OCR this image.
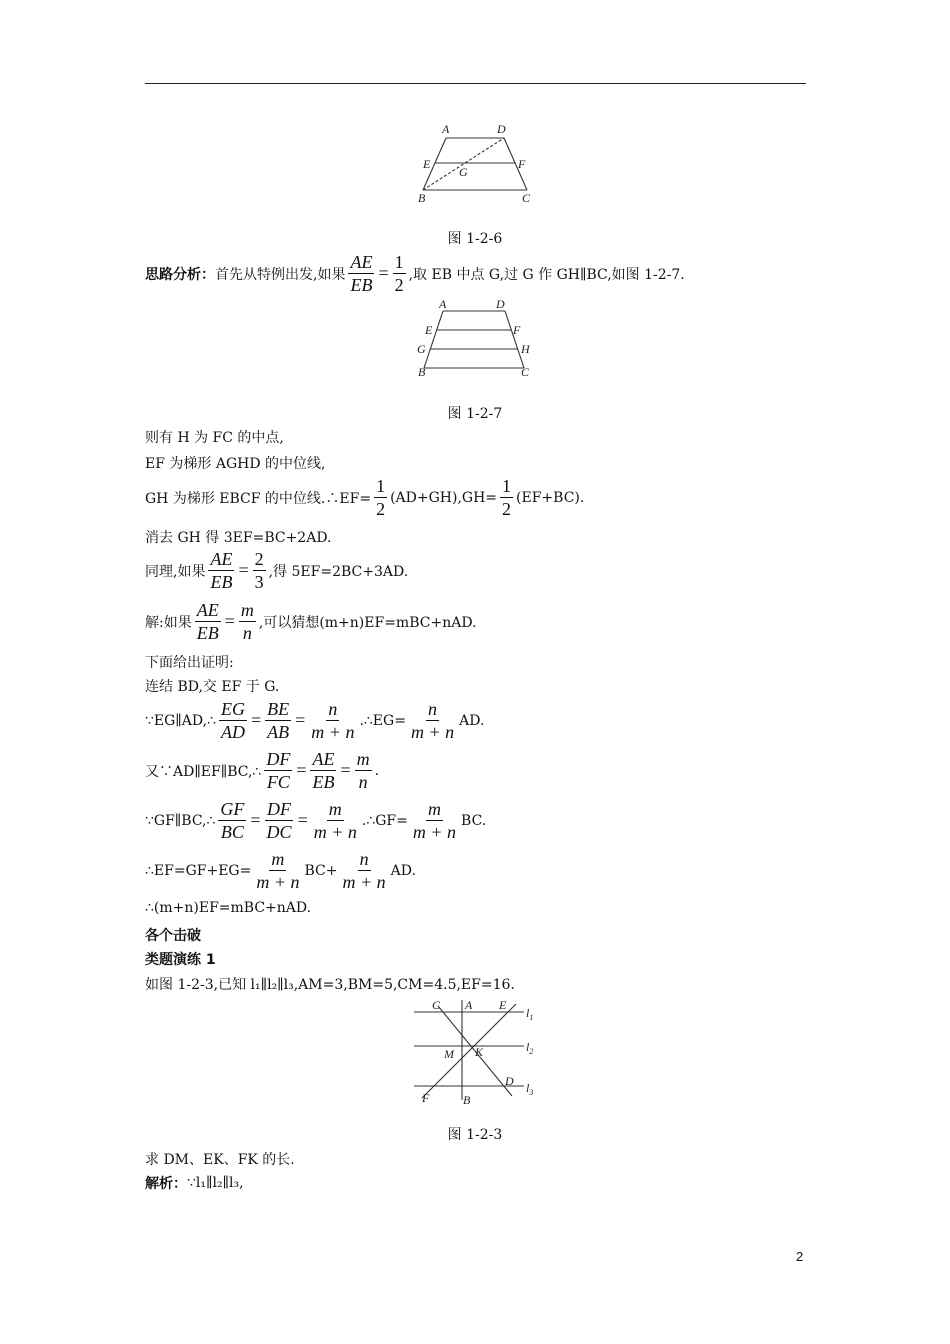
A	D
E	F
G
B	C
图 1-2-6
思路分析： 首先从特例出发,如果 $\frac{AE}{EB} = \frac{1}{2}$ ,取 EB 中点 G,过 G 作 GH∥BC,如图 1-2-7.
A	D
E	F
G	H
B	C
图 1-2-7
则有 H 为 FC 的中点,
EF 为梯形 AGHD 的中位线,
GH 为梯形 EBCF 的中位线.∴EF= $\frac{1}{2} (AD+GH),GH= \frac{1}{2} (EF+BC)$.
消去 GH 得 3EF=BC+2AD.
同理,如果 $\frac{AE}{EB} = \frac{2}{3}$ ,得 5EF=2BC+3AD.
解:如果 $\frac{AE}{EB} = \frac{m}{n}$ ,可以猜想(m+n)EF=mBC+nAD.
下面给出证明:
连结 BD,交 EF 于 G.
∵EG∥AD,∴ $\frac{EG}{AD} = \frac{BE}{AB} = \frac{n}{m + n}$ .∴EG= $\frac{n}{m + n}$ AD.
又∵AD∥EF∥BC,∴ $\frac{DF}{FC} = \frac{AE}{EB} = \frac{m}{n}$ .
∵GF∥BC,∴ $\frac{GF}{BC} = \frac{DF}{DC} = \frac{m}{m + n}$ .∴GF= $\frac{m}{m + n}$ BC.
∴EF=GF+EG= $\frac{m}{m + n} BC+ \frac{n}{m + n}$ AD.
∴(m+n)EF=mBC+nAD.
各个击破
类题演练 1
如图 1-2-3,已知 l₁∥l₂∥l₃,AM=3,BM=5,CM=4.5,EF=16.
C A E
$l_1$
M K	$l_2$
D $l_3$
F	B
图 1-2-3
求 DM、EK、FK 的长.
解析： ∵l₁∥l₂∥l₃,
2
